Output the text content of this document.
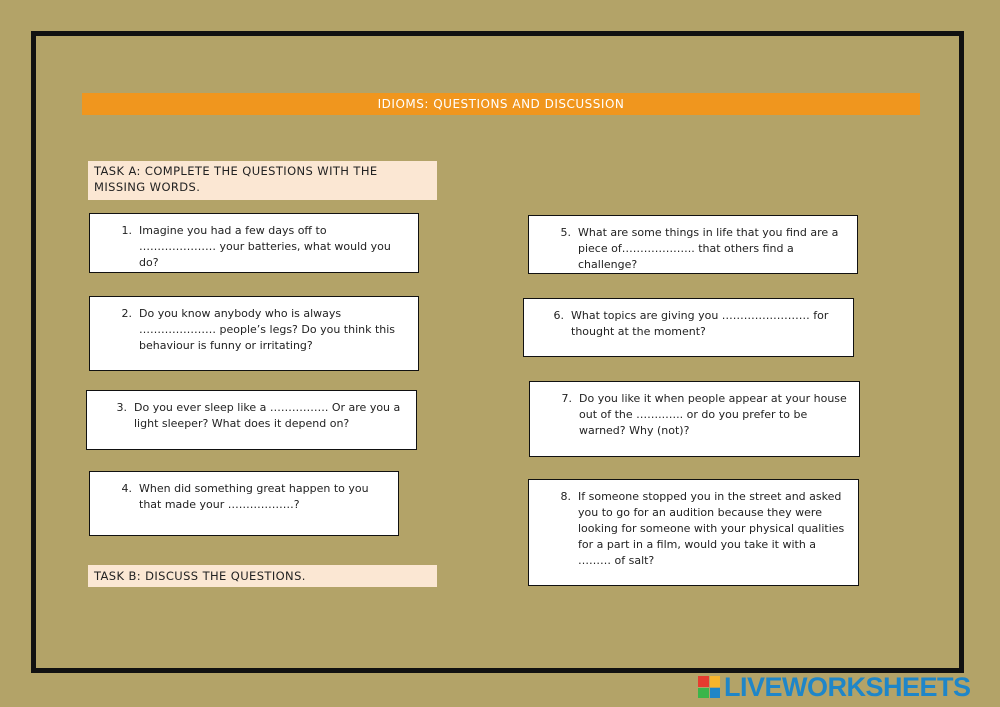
IDIOMS: QUESTIONS AND DISCUSSION
TASK A: COMPLETE THE QUESTIONS WITH THE MISSING WORDS.
1. Imagine you had a few days off to ………………… your batteries, what would you do?
2. Do you know anybody who is always ………………… people’s legs? Do you think this behaviour is funny or irritating?
3. Do you ever sleep like a ……………. Or are you a light sleeper? What does it depend on?
4. When did something great happen to you that made your ………………?
5. What are some things in life that you find are a piece of……………….. that others find a challenge?
6. What topics are giving you …………………… for thought at the moment?
7. Do you like it when people appear at your house out of the ……..….. or do you prefer to be warned? Why (not)?
8. If someone stopped you in the street and asked you to go for an audition because they were looking for someone with your physical qualities for a part in a film, would you take it with a ……… of salt?
TASK B: DISCUSS THE QUESTIONS.
LIVEWORKSHEETS
